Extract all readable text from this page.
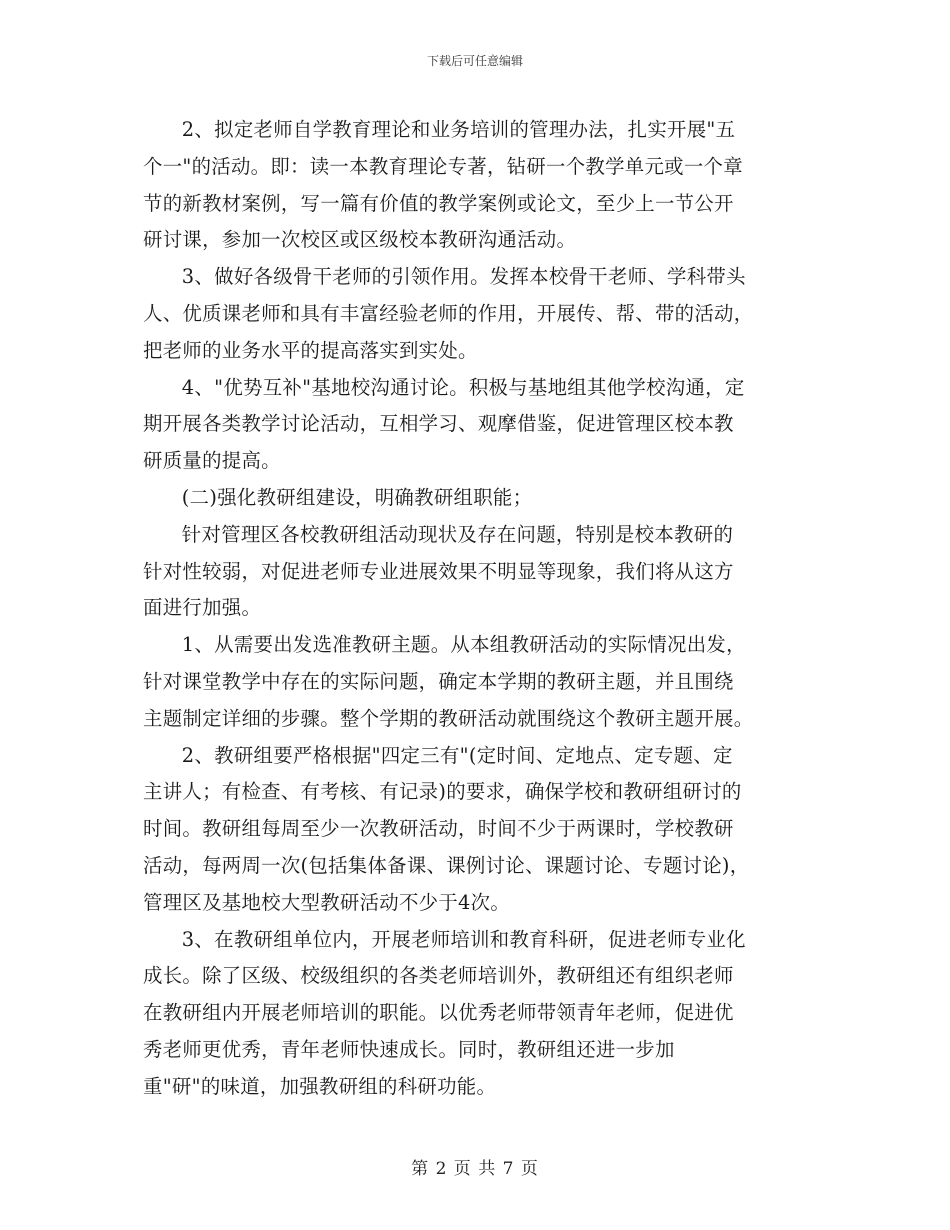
下载后可任意编辑

2、拟定老师自学教育理论和业务培训的管理办法，扎实开展"五

个一"的活动。即：读一本教育理论专著，钻研一个教学单元或一个章

节的新教材案例，写一篇有价值的教学案例或论文，至少上一节公开

研讨课，参加一次校区或区级校本教研沟通活动。

3、做好各级骨干老师的引领作用。发挥本校骨干老师、学科带头

人、优质课老师和具有丰富经验老师的作用，开展传、帮、带的活动，

把老师的业务水平的提高落实到实处。

4、"优势互补"基地校沟通讨论。积极与基地组其他学校沟通，定

期开展各类教学讨论活动，互相学习、观摩借鉴，促进管理区校本教

研质量的提高。

(二)强化教研组建设，明确教研组职能；

针对管理区各校教研组活动现状及存在问题，特别是校本教研的

针对性较弱，对促进老师专业进展效果不明显等现象，我们将从这方

面进行加强。

1、从需要出发选准教研主题。从本组教研活动的实际情况出发，

针对课堂教学中存在的实际问题，确定本学期的教研主题，并且围绕

主题制定详细的步骤。整个学期的教研活动就围绕这个教研主题开展。

2、教研组要严格根据"四定三有"(定时间、定地点、定专题、定

主讲人；有检查、有考核、有记录)的要求，确保学校和教研组研讨的

时间。教研组每周至少一次教研活动，时间不少于两课时，学校教研

活动，每两周一次(包括集体备课、课例讨论、课题讨论、专题讨论)，

管理区及基地校大型教研活动不少于4次。

3、在教研组单位内，开展老师培训和教育科研，促进老师专业化

成长。除了区级、校级组织的各类老师培训外，教研组还有组织老师

在教研组内开展老师培训的职能。以优秀老师带领青年老师，促进优

秀老师更优秀，青年老师快速成长。同时，教研组还进一步加

重"研"的味道，加强教研组的科研功能。

第 2 页 共 7 页
